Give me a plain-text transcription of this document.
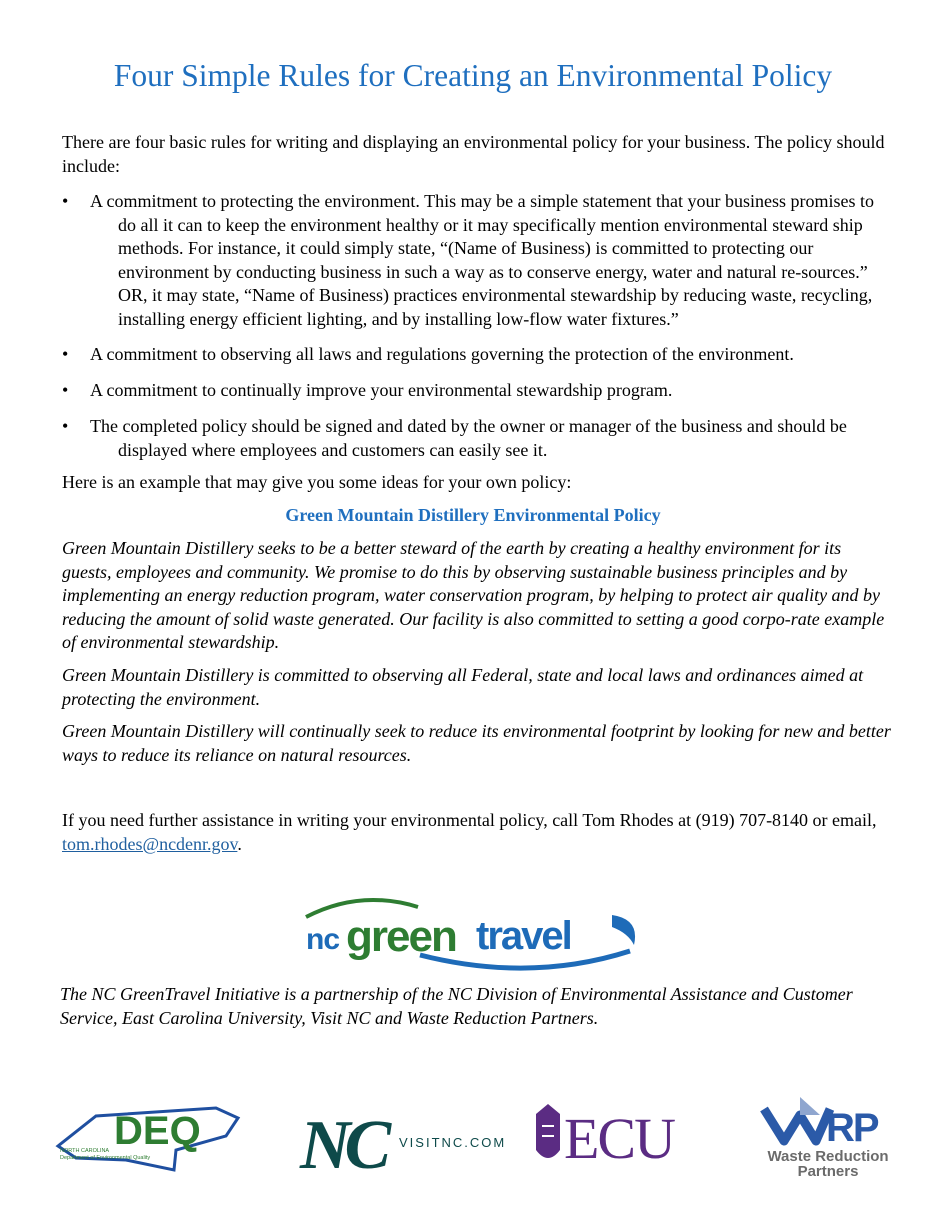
Four Simple Rules for Creating an Environmental Policy

There are four basic rules for writing and displaying an environmental policy for your business. The policy should include:

• A commitment to protecting the environment. This may be a simple statement that your business promises to do all it can to keep the environment healthy or it may specifically mention environmental steward ship methods. For instance, it could simply state, “(Name of Business) is committed to protecting our environment by conducting business in such a way as to conserve energy, water and natural re-sources.” OR, it may state, “Name of Business) practices environmental stewardship by reducing waste, recycling, installing energy efficient lighting, and by installing low-flow water fixtures.”
• A commitment to observing all laws and regulations governing the protection of the environment.
• A commitment to continually improve your environmental stewardship program.
• The completed policy should be signed and dated by the owner or manager of the business and should be displayed where employees and customers can easily see it.

Here is an example that may give you some ideas for your own policy:

Green Mountain Distillery Environmental Policy

Green Mountain Distillery seeks to be a better steward of the earth by creating a healthy environment for its guests, employees and community. We promise to do this by observing sustainable business principles and by implementing an energy reduction program, water conservation program, by helping to protect air quality and by reducing the amount of solid waste generated. Our facility is also committed to setting a good corpo-rate example of environmental stewardship.

Green Mountain Distillery is committed to observing all Federal, state and local laws and ordinances aimed at protecting the environment.

Green Mountain Distillery will continually seek to reduce its environmental footprint by looking for new and better ways to reduce its reliance on natural resources.

If you need further assistance in writing your environmental policy, call Tom Rhodes at (919) 707-8140 or email, tom.rhodes@ncdenr.gov.

nc green travel

The NC GreenTravel Initiative is a partnership of the NC Division of Environmental Assistance and Customer Service, East Carolina University, Visit NC and Waste Reduction Partners.

DEQ
NORTH CAROLINA
Department of Environmental Quality NC	VISITNC.COM ECU	RP
Waste Reduction
Partners
